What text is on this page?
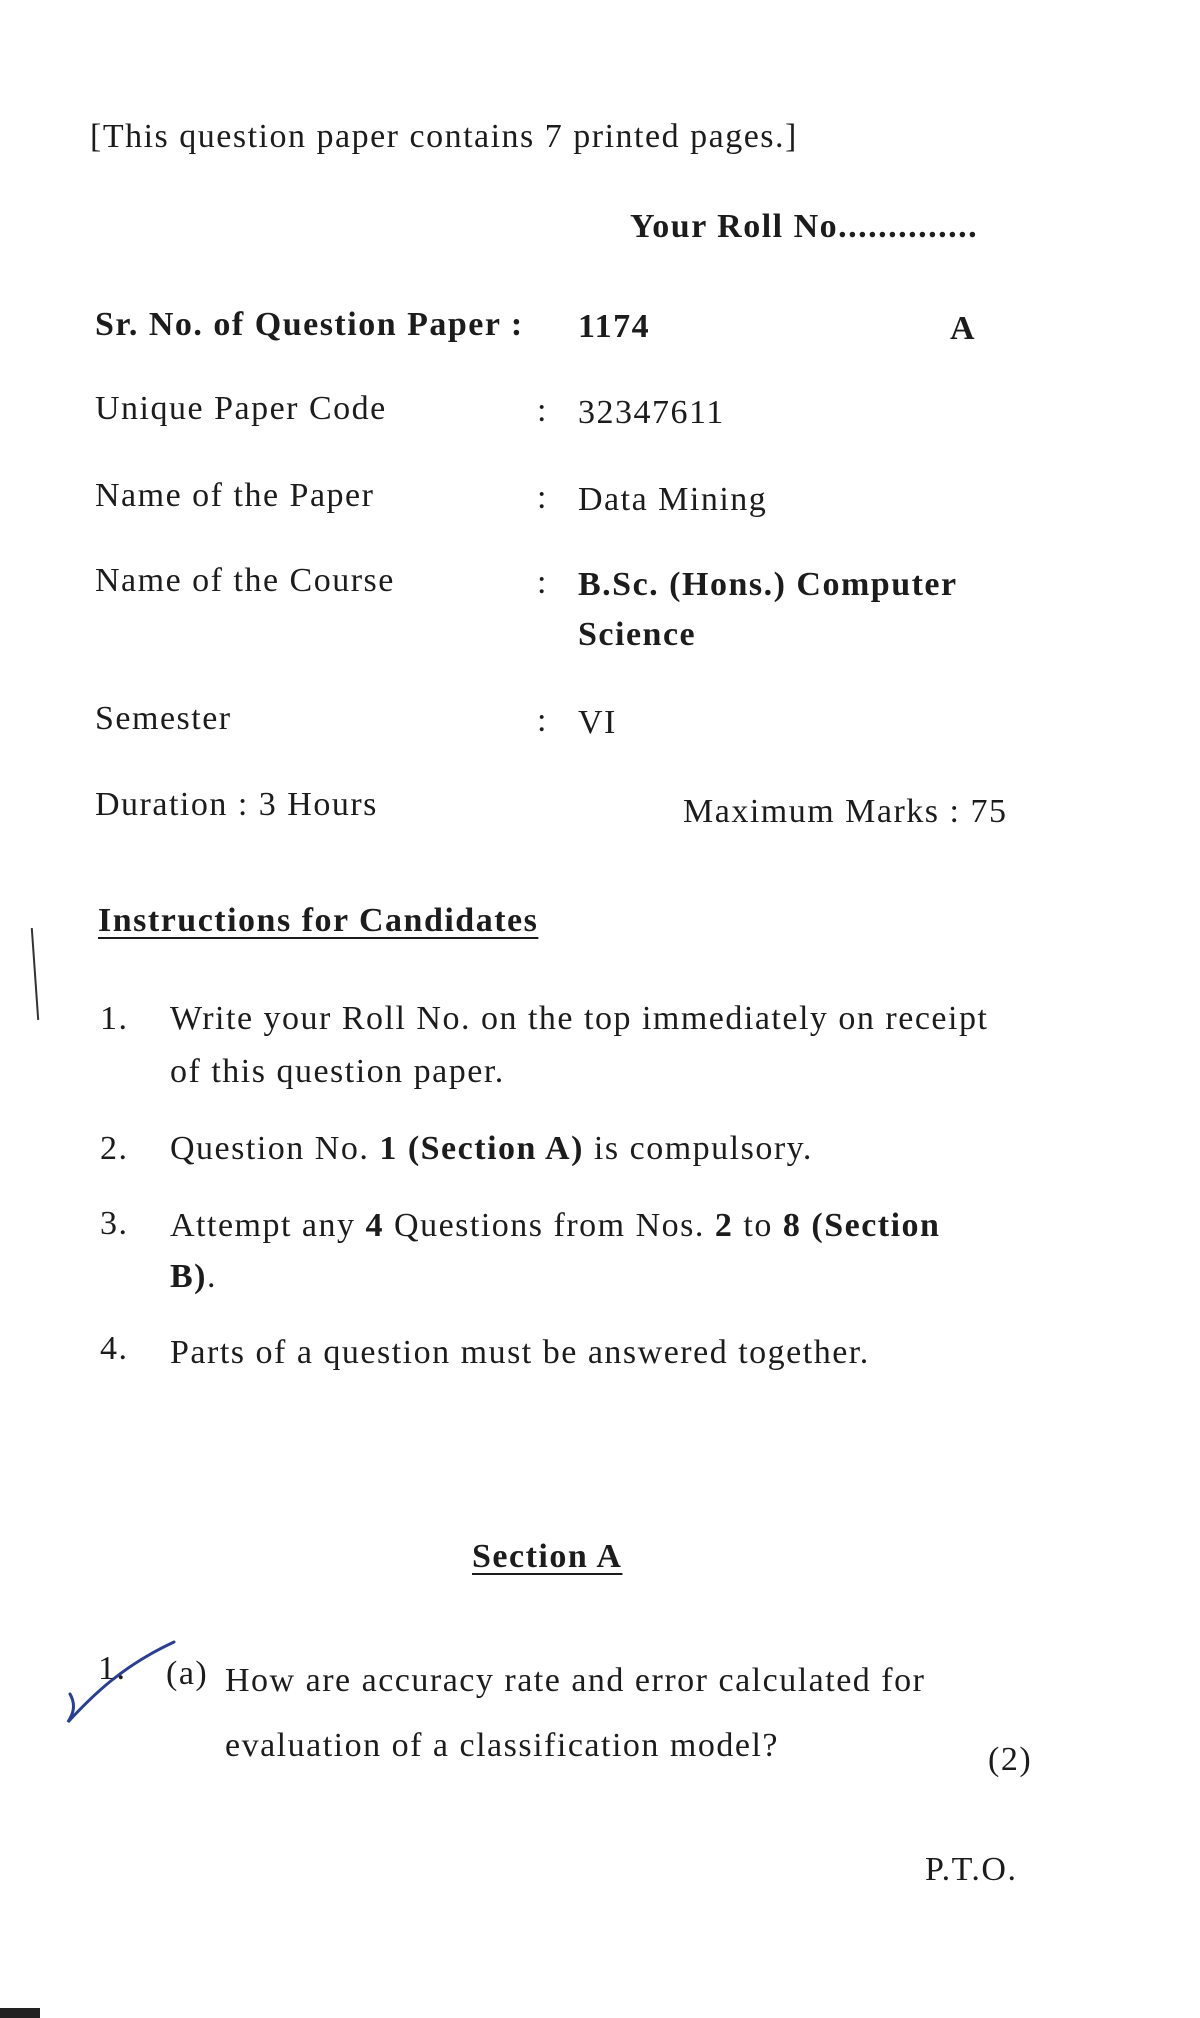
[This question paper contains 7 printed pages.]
Your Roll No..............
Sr. No. of Question Paper : 1174	A
Unique Paper Code	: 32347611
Name of the Paper	: Data Mining
Name of the Course	: B.Sc. (Hons.) Computer
Science
Semester	: VI
Duration : 3 Hours	Maximum Marks : 75
Instructions for Candidates
1. Write your Roll No. on the top immediately on receipt
of this question paper.
2. Question No. 1 (Section A) is compulsory.
3. Attempt any 4 Questions from Nos. 2 to 8 (Section
B).
4. Parts of a question must be answered together.
Section A
1. (a) How are accuracy rate and error calculated for
evaluation of a classification model?	(2)
P.T.O.
